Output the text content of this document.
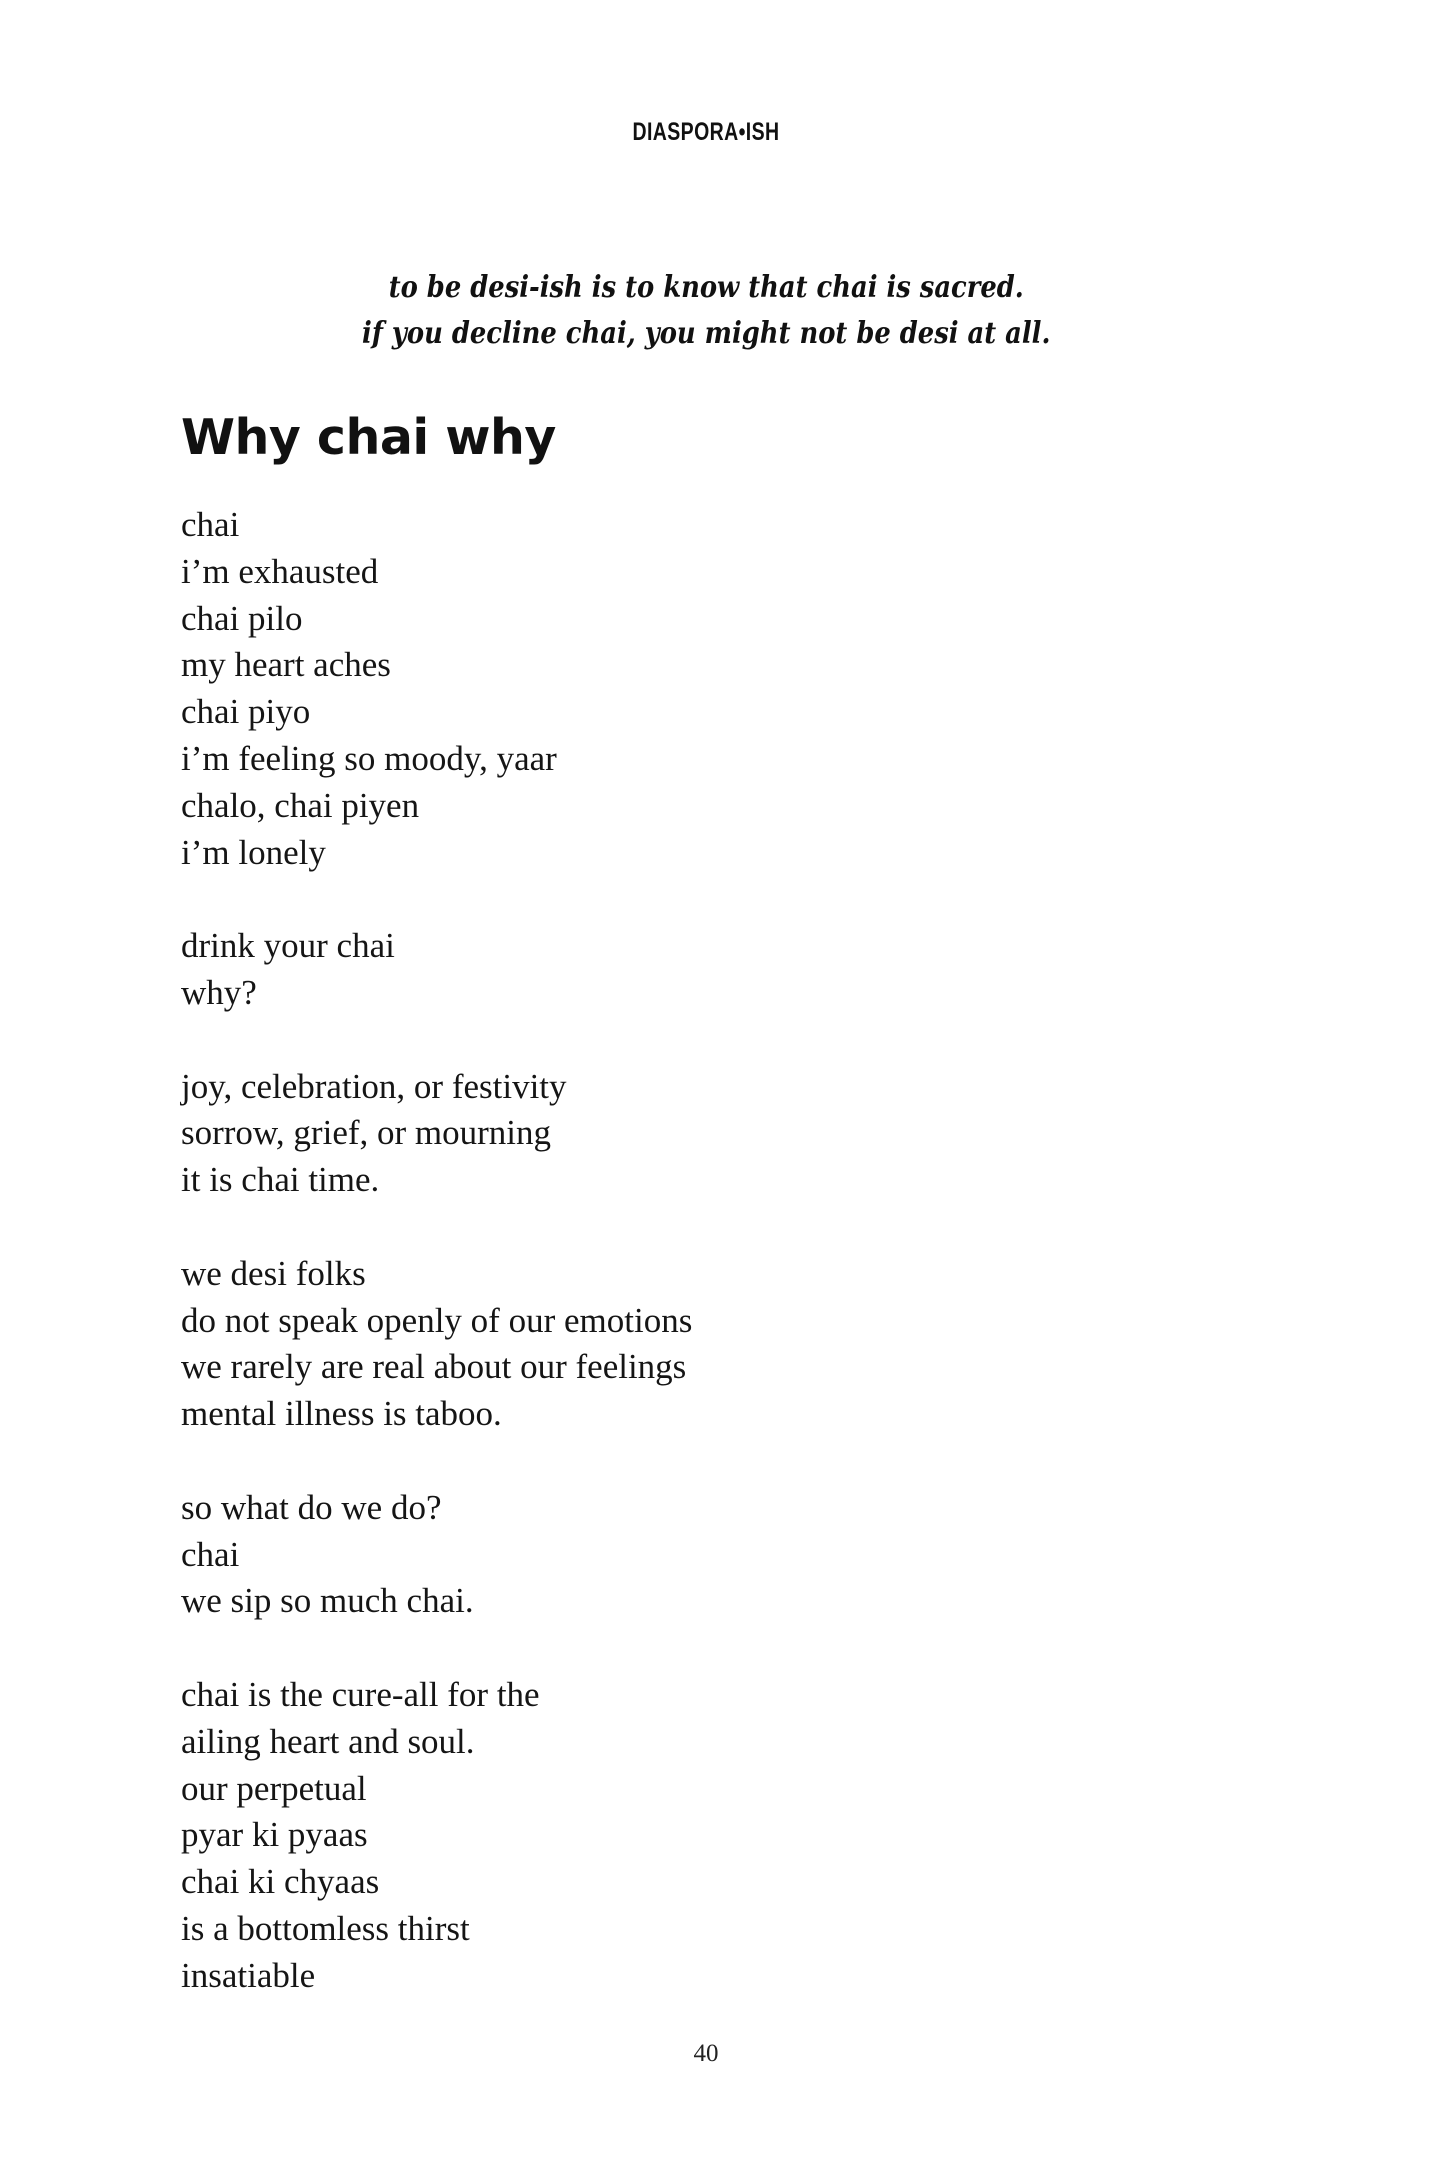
DIASPORA•ISH
to be desi-ish is to know that chai is sacred.
if you decline chai, you might not be desi at all.
Why chai why
chai
i’m exhausted
chai pilo
my heart aches
chai piyo
i’m feeling so moody, yaar
chalo, chai piyen
i’m lonely
drink your chai
why?
joy, celebration, or festivity
sorrow, grief, or mourning
it is chai time.
we desi folks
do not speak openly of our emotions
we rarely are real about our feelings
mental illness is taboo.
so what do we do?
chai
we sip so much chai.
chai is the cure-all for the
ailing heart and soul.
our perpetual
pyar ki pyaas
chai ki chyaas
is a bottomless thirst
insatiable
40
